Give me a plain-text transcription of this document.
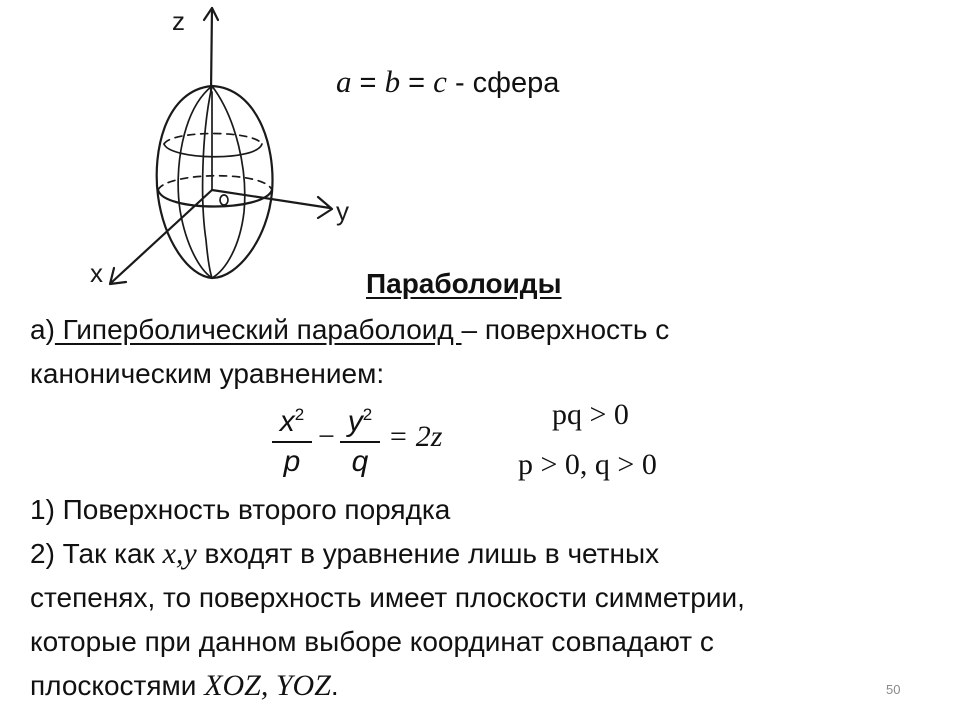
z
y
x
a = b = c - сфера
Параболоиды
а) Гиперболический параболоид – поверхность с
каноническим уравнением:
$x^2$
p
− $y^2$
q
= 2z
pq > 0
p > 0, q > 0
1) Поверхность второго порядка
2) Так как x,y входят в уравнение лишь в четных
степенях, то поверхность имеет плоскости симметрии,
которые при данном выборе координат совпадают с
плоскостями XOZ, YOZ.	50
